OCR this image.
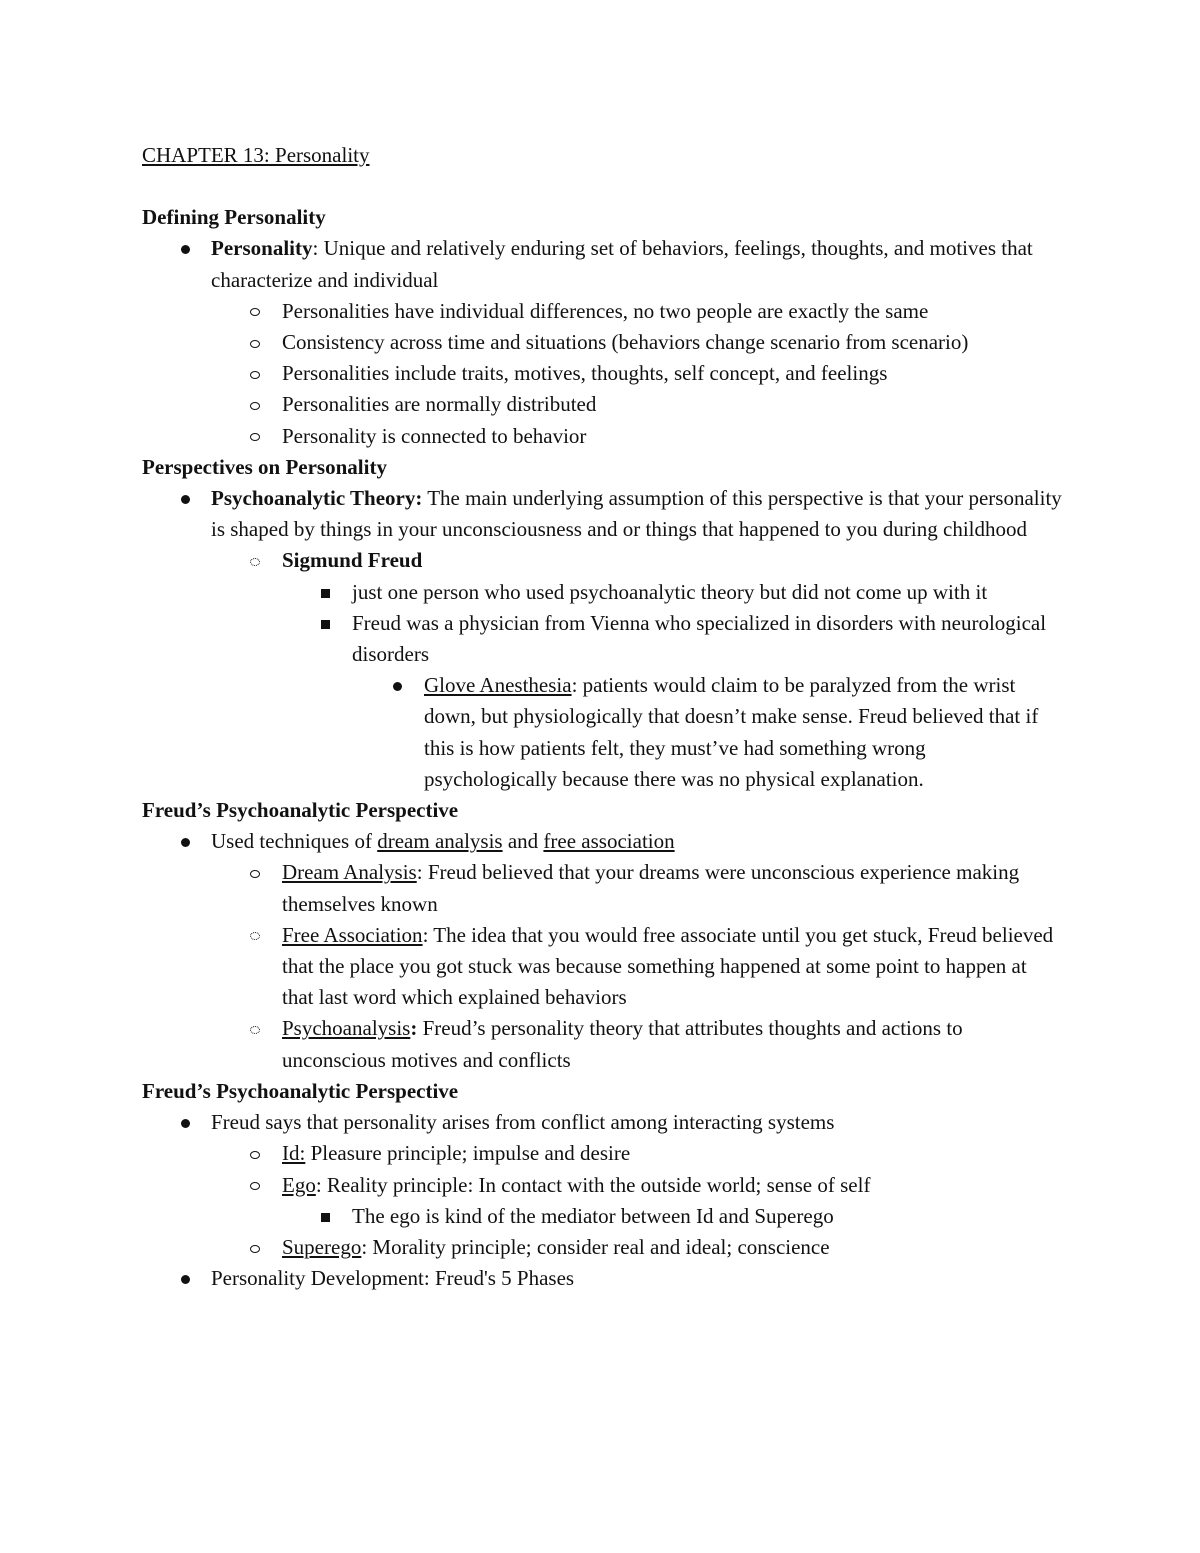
CHAPTER 13: Personality
Defining Personality
Personality: Unique and relatively enduring set of behaviors, feelings, thoughts, and motives that characterize and individual
Personalities have individual differences, no two people are exactly the same
Consistency across time and situations (behaviors change scenario from scenario)
Personalities include traits, motives, thoughts, self concept, and feelings
Personalities are normally distributed
Personality is connected to behavior
Perspectives on Personality
Psychoanalytic Theory: The main underlying assumption of this perspective is that your personality is shaped by things in your unconsciousness and or things that happened to you during childhood
Sigmund Freud
just one person who used psychoanalytic theory but did not come up with it
Freud was a physician from Vienna who specialized in disorders with neurological disorders
Glove Anesthesia: patients would claim to be paralyzed from the wrist down, but physiologically that doesn’t make sense. Freud believed that if this is how patients felt, they must’ve had something wrong psychologically because there was no physical explanation.
Freud’s Psychoanalytic Perspective
Used techniques of dream analysis and free association
Dream Analysis: Freud believed that your dreams were unconscious experience making themselves known
Free Association: The idea that you would free associate until you get stuck, Freud believed that the place you got stuck was because something happened at some point to happen at that last word which explained behaviors
Psychoanalysis: Freud’s personality theory that attributes thoughts and actions to unconscious motives and conflicts
Freud’s Psychoanalytic Perspective
Freud says that personality arises from conflict among interacting systems
Id: Pleasure principle; impulse and desire
Ego: Reality principle: In contact with the outside world; sense of self
The ego is kind of the mediator between Id and Superego
Superego: Morality principle; consider real and ideal; conscience
Personality Development: Freud's 5 Phases
